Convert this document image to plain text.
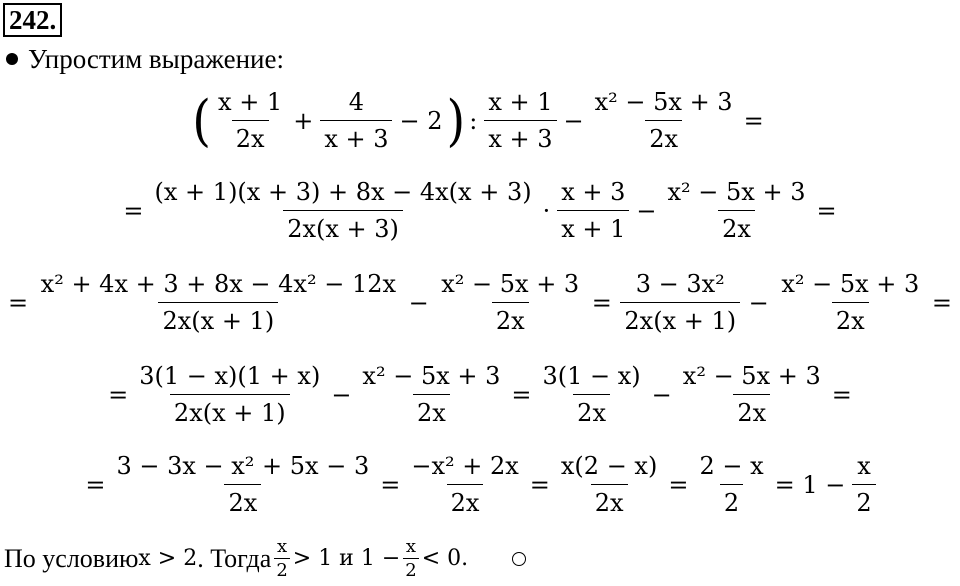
242.
Упростим выражение:
( $\frac{x + 1}{2x} + \frac{4}{x + 3} - 2$ ) : $\frac{x + 1}{x + 3} - \frac{\text{x² − 5x + 3}}{2x}$ =
= $\frac{(x + 1)(x + 3) + 8x - 4x(x + 3)}{2x(x + 3)} \cdot \frac{x + 3}{x + 1} - \frac{\text{x² − 5x + 3}}{2x}$ =
= $\frac{\text{x² + 4x + 3 + 8x − 4x² − 12x}}{2x(x + 1)} - \frac{\text{x² − 5x + 3}}{2x} = \frac{\text{3 − 3x²}}{2x(x + 1)} - \frac{\text{x² − 5x + 3}}{2x}$ =
= $\frac{3(1 - x)(1 + x)}{2x(x + 1)} - \frac{\text{x² − 5x + 3}}{2x} = \frac{3(1 - x)}{2x} - \frac{\text{x² − 5x + 3}}{2x}$ =
= $\frac{\text{3 − 3x − x² + 5x − 3}}{2x} = \frac{\text{−x² + 2x}}{2x} = \frac{x(2 - x)}{2x} = \frac{2 - x}{2} = 1 - \frac{x}{2}$
По условию x > 2 . Тогда $\frac{x}{2} > 1$ и $1 - \frac{x}{2} < 0$.
